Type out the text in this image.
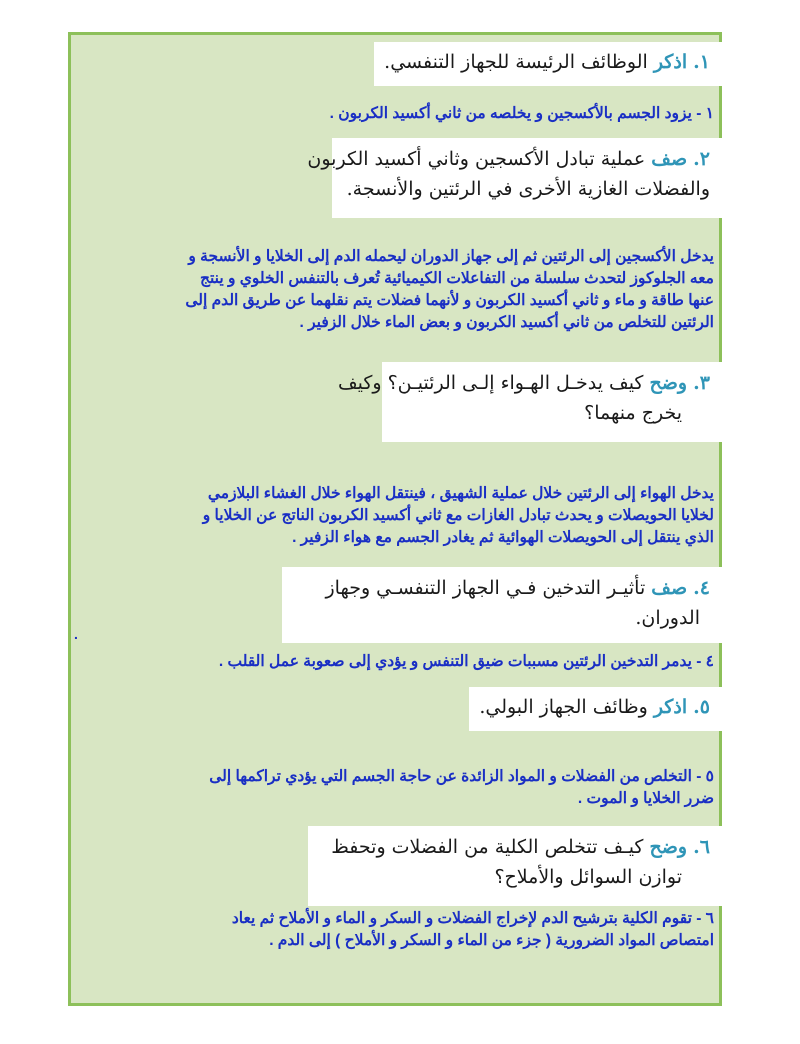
١. اذكر الوظائف الرئيسة للجهاز التنفسي.
١ - يزود الجسم بالأكسجين و يخلصه من ثاني أكسيد الكربون .
٢. صف عملية تبادل الأكسجين وثاني أكسيد الكربون
والفضلات الغازية الأخرى في الرئتين والأنسجة.
يدخل الأكسجين إلى الرئتين ثم إلى جهاز الدوران ليحمله الدم إلى الخلايا و الأنسجة و
معه الجلوكوز لتحدث سلسلة من التفاعلات الكيميائية تُعرف بالتنفس الخلوي و ينتج
عنها طاقة و ماء و ثاني أكسيد الكربون و لأنهما فضلات يتم نقلهما عن طريق الدم إلى
الرئتين للتخلص من ثاني أكسيد الكربون و بعض الماء خلال الزفير .
٣. وضح كيف يدخـل الهـواء إلـى الرئتيـن؟ وكيف
يخرج منهما؟
يدخل الهواء إلى الرئتين خلال عملية الشهيق ، فينتقل الهواء خلال الغشاء البلازمي
لخلايا الحويصلات و يحدث تبادل الغازات مع ثاني أكسيد الكربون الناتج عن الخلايا و
الذي ينتقل إلى الحويصلات الهوائية ثم يغادر الجسم مع هواء الزفير .
٤. صف تأثيـر التدخين فـي الجهاز التنفسـي وجهاز
الدوران.
.
٤ - يدمر التدخين الرئتين مسببات ضيق التنفس و يؤدي إلى صعوبة عمل القلب .
٥. اذكر وظائف الجهاز البولي.
٥ - التخلص من الفضلات و المواد الزائدة عن حاجة الجسم التي يؤدي تراكمها إلى
ضرر الخلايا و الموت .
٦. وضح كيـف تتخلص الكلية من الفضلات وتحفظ
توازن السوائل والأملاح؟
٦ - تقوم الكلية بترشيح الدم لإخراج الفضلات و السكر و الماء و الأملاح ثم يعاد
امتصاص المواد الضرورية ( جزء من الماء و السكر و الأملاح ) إلى الدم .
